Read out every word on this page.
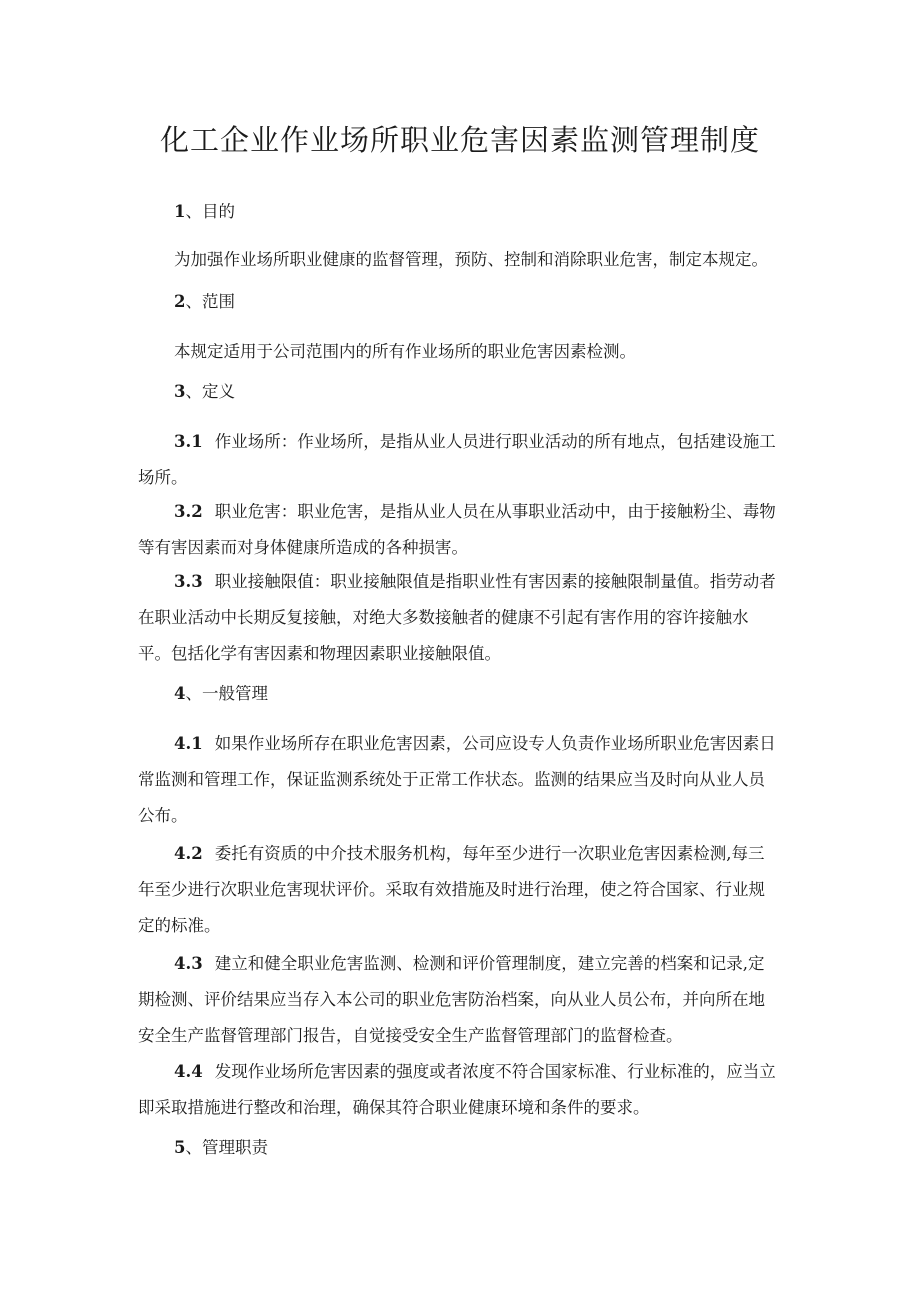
化工企业作业场所职业危害因素监测管理制度
1、目的
为加强作业场所职业健康的监督管理，预防、控制和消除职业危害，制定本规定。
2、范围
本规定适用于公司范围内的所有作业场所的职业危害因素检测。
3、定义
3.1 作业场所：作业场所，是指从业人员进行职业活动的所有地点，包括建设施工
场所。
3.2 职业危害：职业危害，是指从业人员在从事职业活动中，由于接触粉尘、毒物
等有害因素而对身体健康所造成的各种损害。
3.3 职业接触限值：职业接触限值是指职业性有害因素的接触限制量值。指劳动者
在职业活动中长期反复接触，对绝大多数接触者的健康不引起有害作用的容许接触水
平。包括化学有害因素和物理因素职业接触限值。
4、一般管理
4.1 如果作业场所存在职业危害因素，公司应设专人负责作业场所职业危害因素日
常监测和管理工作，保证监测系统处于正常工作状态。监测的结果应当及时向从业人员
公布。
4.2 委托有资质的中介技术服务机构，每年至少进行一次职业危害因素检测,每三
年至少进行次职业危害现状评价。采取有效措施及时进行治理，使之符合国家、行业规
定的标准。
4.3 建立和健全职业危害监测、检测和评价管理制度，建立完善的档案和记录,定
期检测、评价结果应当存入本公司的职业危害防治档案，向从业人员公布，并向所在地
安全生产监督管理部门报告，自觉接受安全生产监督管理部门的监督检查。
4.4 发现作业场所危害因素的强度或者浓度不符合国家标准、行业标准的，应当立
即采取措施进行整改和治理，确保其符合职业健康环境和条件的要求。
5、管理职责
